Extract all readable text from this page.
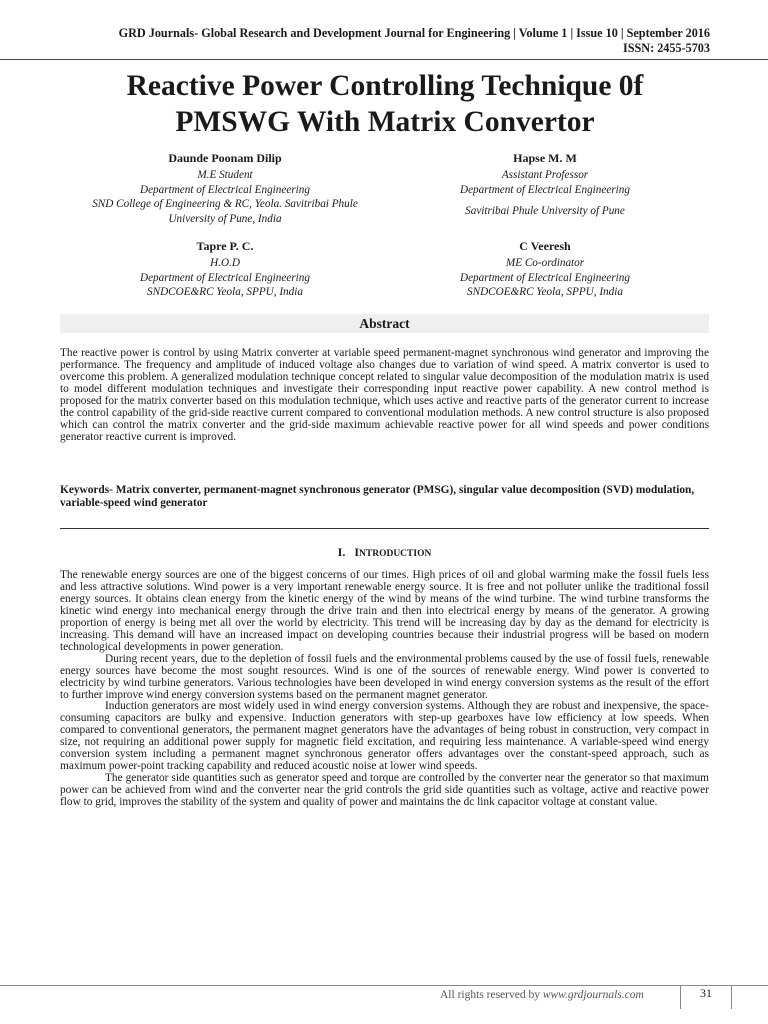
GRD Journals- Global Research and Development Journal for Engineering | Volume 1 | Issue 10 | September 2016
ISSN: 2455-5703
Reactive Power Controlling Technique 0f
PMSWG With Matrix Convertor
Daunde Poonam Dilip
M.E Student
Department of Electrical Engineering
SND College of Engineering & RC, Yeola. Savitribai Phule
University of Pune, India
Hapse M. M
Assistant Professor
Department of Electrical Engineering
Savitribai Phule University of Pune
Tapre P. C.
H.O.D
Department of Electrical Engineering
SNDCOE&RC Yeola, SPPU, India
C Veeresh
ME Co-ordinator
Department of Electrical Engineering
SNDCOE&RC Yeola, SPPU, India
Abstract

The reactive power is control by using Matrix converter at variable speed permanent-magnet synchronous wind generator and improving the performance. The frequency and amplitude of induced voltage also changes due to variation of wind speed. A matrix convertor is used to overcome this problem. A generalized modulation technique concept related to singular value decomposition of the modulation matrix is used to model different modulation techniques and investigate their corresponding input reactive power capability. A new control method is proposed for the matrix converter based on this modulation technique, which uses active and reactive parts of the generator current to increase the control capability of the grid-side reactive current compared to conventional modulation methods. A new control structure is also proposed which can control the matrix converter and the grid-side maximum achievable reactive power for all wind speeds and power conditions generator reactive current is improved.

Keywords- Matrix converter, permanent-magnet synchronous generator (PMSG), singular value decomposition (SVD) modulation, variable-speed wind generator
I. INTRODUCTION

The renewable energy sources are one of the biggest concerns of our times. High prices of oil and global warming make the fossil fuels less and less attractive solutions. Wind power is a very important renewable energy source. It is free and not polluter unlike the traditional fossil energy sources. It obtains clean energy from the kinetic energy of the wind by means of the wind turbine. The wind turbine transforms the kinetic wind energy into mechanical energy through the drive train and then into electrical energy by means of the generator. A growing proportion of energy is being met all over the world by electricity. This trend will be increasing day by day as the demand for electricity is increasing. This demand will have an increased impact on developing countries because their industrial progress will be based on modern technological developments in power generation.

During recent years, due to the depletion of fossil fuels and the environmental problems caused by the use of fossil fuels, renewable energy sources have become the most sought resources. Wind is one of the sources of renewable energy. Wind power is converted to electricity by wind turbine generators. Various technologies have been developed in wind energy conversion systems as the result of the effort to further improve wind energy conversion systems based on the permanent magnet generator.

Induction generators are most widely used in wind energy conversion systems. Although they are robust and inexpensive, the space-consuming capacitors are bulky and expensive. Induction generators with step-up gearboxes have low efficiency at low speeds. When compared to conventional generators, the permanent magnet generators have the advantages of being robust in construction, very compact in size, not requiring an additional power supply for magnetic field excitation, and requiring less maintenance. A variable-speed wind energy conversion system including a permanent magnet synchronous generator offers advantages over the constant-speed approach, such as maximum power-point tracking capability and reduced acoustic noise at lower wind speeds.

The generator side quantities such as generator speed and torque are controlled by the converter near the generator so that maximum power can be achieved from wind and the converter near the grid controls the grid side quantities such as voltage, active and reactive power flow to grid, improves the stability of the system and quality of power and maintains the dc link capacitor voltage at constant value.

All rights reserved by www.grdjournals.com	31
